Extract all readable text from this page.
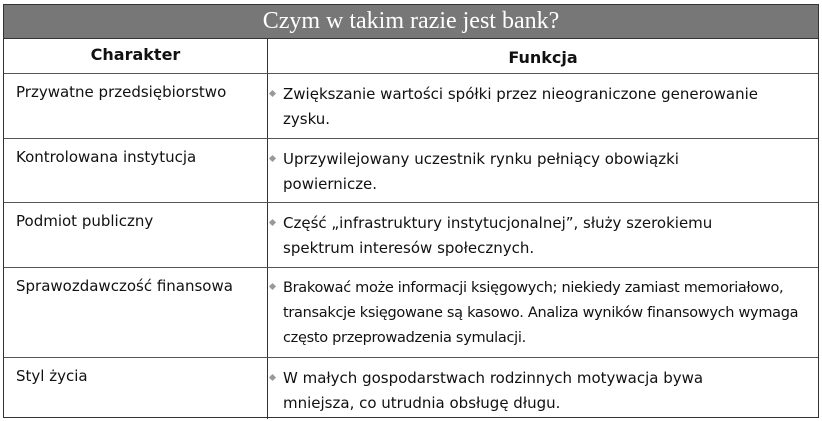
Czym w takim razie jest bank?
Charakter	Funkcja
Przywatne przedsiębiorstwo	Zwiększanie wartości spółki przez nieograniczone generowanie zysku.
Kontrolowana instytucja	Uprzywilejowany uczestnik rynku pełniący obowiązki powiernicze.
Podmiot publiczny	Część „infrastruktury instytucjonalnej”, służy szerokiemu spektrum interesów społecznych.
Sprawozdawczość finansowa	Brakować może informacji księgowych; niekiedy zamiast memoriałowo, transakcje księgowane są kasowo. Analiza wyników finansowych wymaga często przeprowadzenia symulacji.
Styl życia	W małych gospodarstwach rodzinnych motywacja bywa mniejsza, co utrudnia obsługę długu.
